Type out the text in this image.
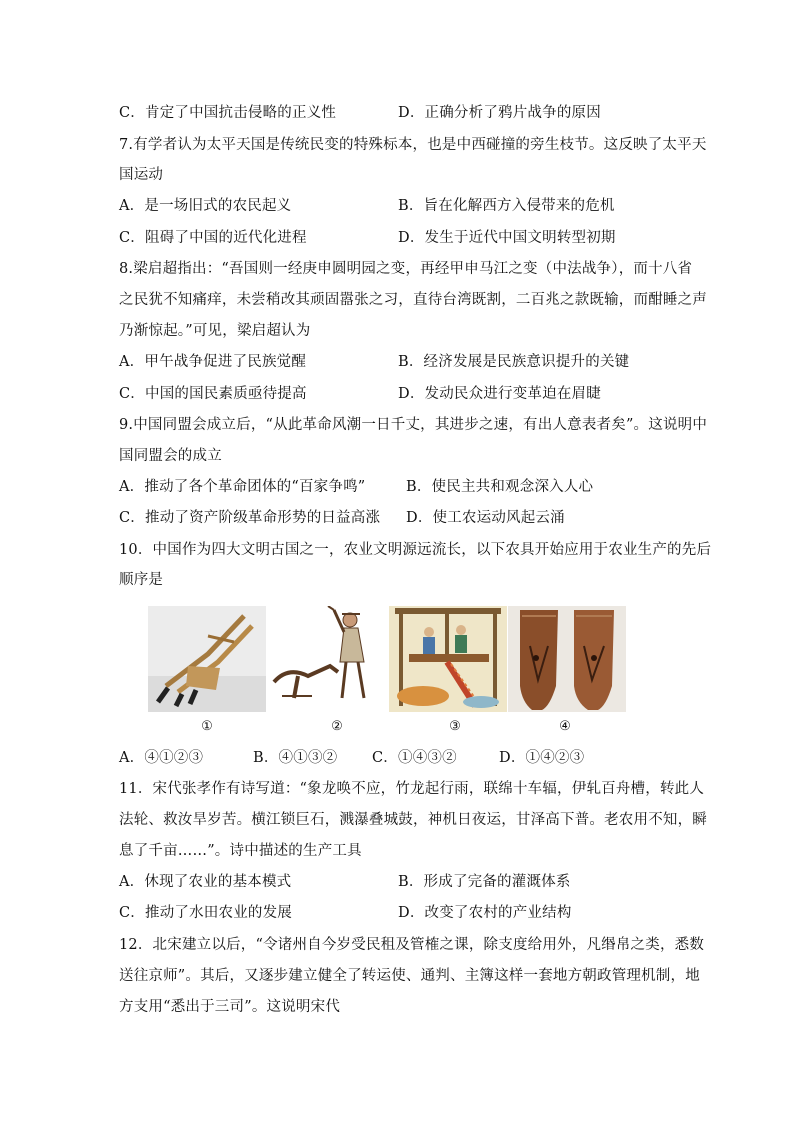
C．肯定了中国抗击侵略的正义性	D．正确分析了鸦片战争的原因
7.有学者认为太平天国是传统民变的特殊标本，也是中西碰撞的旁生枝节。这反映了太平天
国运动
A．是一场旧式的农民起义	B．旨在化解西方入侵带来的危机
C．阻碍了中国的近代化进程	D．发生于近代中国文明转型初期
8.梁启超指出：“吾国则一经庚申圆明园之变，再经甲申马江之变（中法战争），而十八省
之民犹不知痛痒，未尝稍改其顽固嚣张之习，直待台湾既割，二百兆之款既输，而酣睡之声
乃渐惊起。”可见，梁启超认为
A．甲午战争促进了民族觉醒	B．经济发展是民族意识提升的关键
C．中国的国民素质亟待提高	D．发动民众进行变革迫在眉睫
9.中国同盟会成立后，“从此革命风潮一日千丈，其进步之速，有出人意表者矣”。这说明中
国同盟会的成立
A．推动了各个革命团体的“百家争鸣”	B．使民主共和观念深入人心
C．推动了资产阶级革命形势的日益高涨 D．使工农运动风起云涌
10．中国作为四大文明古国之一，农业文明源远流长，以下农具开始应用于农业生产的先后
顺序是
①	②	③	④
A．④①②③	B．④①③② C．①④③②	D．①④②③
11．宋代张孝作有诗写道：“象龙唤不应，竹龙起行雨，联绵十车辐，伊轧百舟槽，转此人
法轮、救汝旱岁苦。横江锁巨石，溅瀑叠城鼓，神机日夜运，甘泽高下普。老农用不知，瞬
息了千亩……”。诗中描述的生产工具
A．休现了农业的基本模式	B．形成了完备的灌溉体系
C．推动了水田农业的发展	D．改变了农村的产业结构
12．北宋建立以后，“令诸州自今岁受民租及管榷之课，除支度给用外，凡缗帛之类，悉数
送往京师”。其后，又逐步建立健全了转运使、通判、主簿这样一套地方朝政管理机制，地
方支用“悉出于三司”。这说明宋代
